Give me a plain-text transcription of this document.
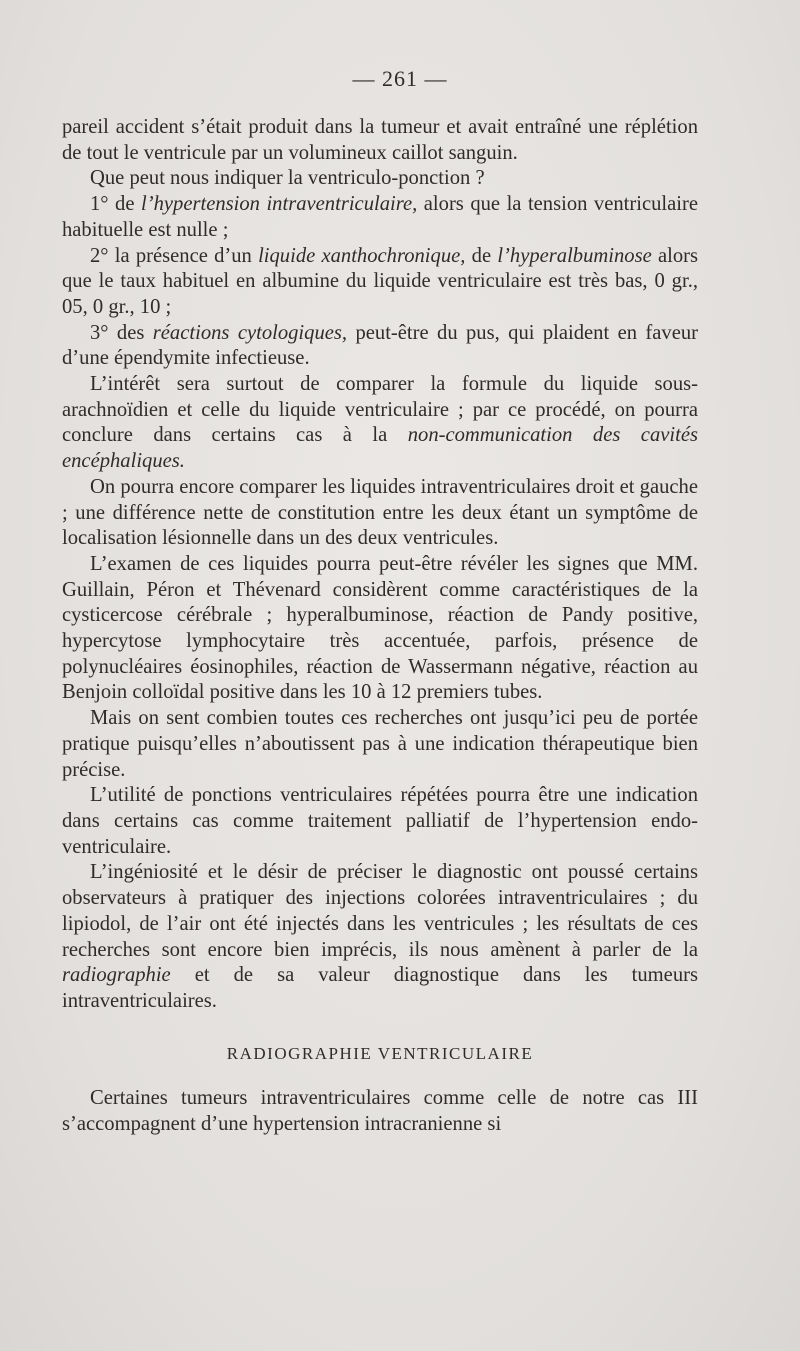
— 261 —

pareil accident s’était produit dans la tumeur et avait entraîné une réplétion de tout le ventricule par un volumineux caillot sanguin.

Que peut nous indiquer la ventriculo-ponction ?

1° de l’hypertension intraventriculaire, alors que la tension ventriculaire habituelle est nulle ;

2° la présence d’un liquide xanthochronique, de l’hyperalbuminose alors que le taux habituel en albumine du liquide ventriculaire est très bas, 0 gr., 05, 0 gr., 10 ;

3° des réactions cytologiques, peut-être du pus, qui plaident en faveur d’une épendymite infectieuse.

L’intérêt sera surtout de comparer la formule du liquide sous-arachnoïdien et celle du liquide ventriculaire ; par ce procédé, on pourra conclure dans certains cas à la non-communication des cavités encéphaliques.

On pourra encore comparer les liquides intraventriculaires droit et gauche ; une différence nette de constitution entre les deux étant un symptôme de localisation lésionnelle dans un des deux ventricules.

L’examen de ces liquides pourra peut-être révéler les signes que MM. Guillain, Péron et Thévenard considèrent comme caractéristiques de la cysticercose cérébrale ; hyperalbuminose, réaction de Pandy positive, hypercytose lymphocytaire très accentuée, parfois, présence de polynucléaires éosinophiles, réaction de Wassermann négative, réaction au Benjoin colloïdal positive dans les 10 à 12 premiers tubes.

Mais on sent combien toutes ces recherches ont jusqu’ici peu de portée pratique puisqu’elles n’aboutissent pas à une indication thérapeutique bien précise.

L’utilité de ponctions ventriculaires répétées pourra être une indication dans certains cas comme traitement palliatif de l’hypertension endo-ventriculaire.

L’ingéniosité et le désir de préciser le diagnostic ont poussé certains observateurs à pratiquer des injections colorées intraventriculaires ; du lipiodol, de l’air ont été injectés dans les ventricules ; les résultats de ces recherches sont encore bien imprécis, ils nous amènent à parler de la radiographie et de sa valeur diagnostique dans les tumeurs intraventriculaires.

RADIOGRAPHIE VENTRICULAIRE

Certaines tumeurs intraventriculaires comme celle de notre cas III s’accompagnent d’une hypertension intracranienne si
